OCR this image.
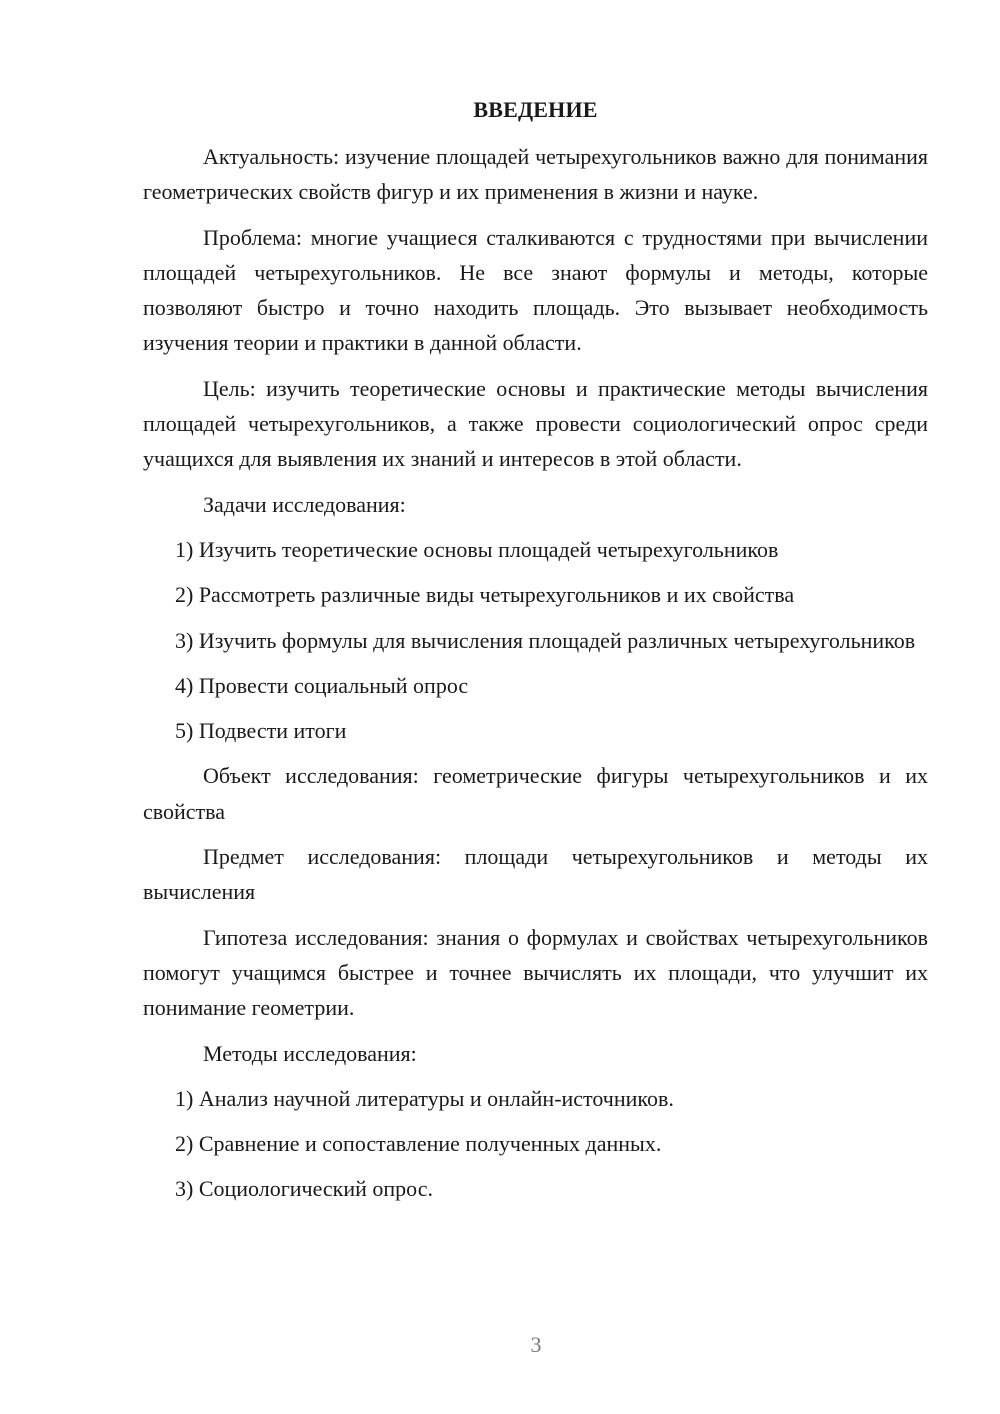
ВВЕДЕНИЕ
Актуальность: изучение площадей четырехугольников важно для понимания геометрических свойств фигур и их применения в жизни и науке.
Проблема: многие учащиеся сталкиваются с трудностями при вычислении площадей четырехугольников. Не все знают формулы и методы, которые позволяют быстро и точно находить площадь. Это вызывает необходимость изучения теории и практики в данной области.
Цель: изучить теоретические основы и практические методы вычисления площадей четырехугольников, а также провести социологический опрос среди учащихся для выявления их знаний и интересов в этой области.
Задачи исследования:
1) Изучить теоретические основы площадей четырехугольников
2) Рассмотреть различные виды четырехугольников и их свойства
3) Изучить формулы для вычисления площадей различных четырехугольников
4) Провести социальный опрос
5) Подвести итоги
Объект исследования: геометрические фигуры четырехугольников и их свойства
Предмет исследования: площади четырехугольников и методы их вычисления
Гипотеза исследования: знания о формулах и свойствах четырехугольников помогут учащимся быстрее и точнее вычислять их площади, что улучшит их понимание геометрии.
Методы исследования:
1) Анализ научной литературы и онлайн-источников.
2) Сравнение и сопоставление полученных данных.
3) Социологический опрос.
3
